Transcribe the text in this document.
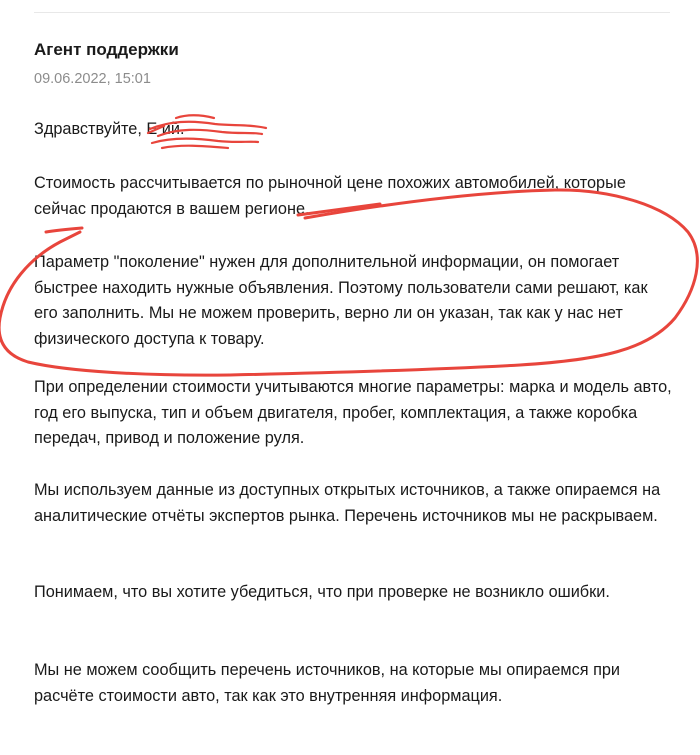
Агент поддержки
09.06.2022, 15:01

Здравствуйте, Е ий.

Стоимость рассчитывается по рыночной цене похожих автомобилей, которые сейчас продаются в вашем регионе.

Параметр "поколение" нужен для дополнительной информации, он помогает быстрее находить нужные объявления. Поэтому пользователи сами решают, как его заполнить. Мы не можем проверить, верно ли он указан, так как у нас нет физического доступа к товару.

При определении стоимости учитываются многие параметры: марка и модель авто, год его выпуска, тип и объем двигателя, пробег, комплектация, а также коробка передач, привод и положение руля.

Мы используем данные из доступных открытых источников, а также опираемся на аналитические отчёты экспертов рынка. Перечень источников мы не раскрываем.

Понимаем, что вы хотите убедиться, что при проверке не возникло ошибки.

Мы не можем сообщить перечень источников, на которые мы опираемся при расчёте стоимости авто, так как это внутренняя информация.
